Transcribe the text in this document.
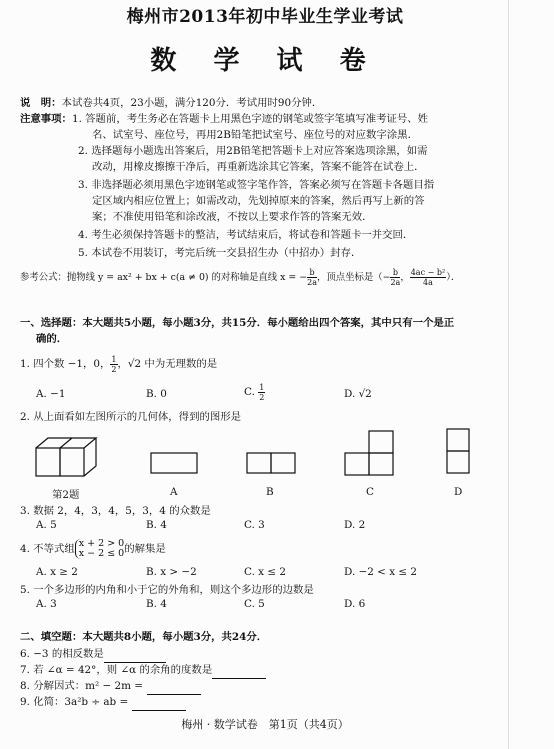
梅州市2013年初中毕业生学业考试
数 学 试 卷
说　明：本试卷共4页，23小题，满分120分．考试用时90分钟．
注意事项：1. 答题前，考生务必在答题卡上用黑色字迹的钢笔或签字笔填写准考证号、姓
名、试室号、座位号，再用2B铅笔把试室号、座位号的对应数字涂黑．
2. 选择题每小题选出答案后，用2B铅笔把答题卡上对应答案选项涂黑，如需
改动，用橡皮擦擦干净后，再重新选涂其它答案，答案不能答在试卷上．
3. 非选择题必须用黑色字迹钢笔或签字笔作答，答案必须写在答题卡各题目指
定区域内相应位置上；如需改动，先划掉原来的答案，然后再写上新的答
案；不准使用铅笔和涂改液，不按以上要求作答的答案无效．
4. 考生必须保持答题卡的整洁，考试结束后，将试卷和答题卡一并交回．
5. 本试卷不用装订，考完后统一交县招生办（中招办）封存．
参考公式：抛物线 y = ax² + bx + c(a ≠ 0) 的对称轴是直线 x = − $\frac{b}{2a}$ ，顶点坐标是（− $\frac{b}{2a}$ ， $\frac{\text{4ac − b²}}{4a}$ ）．
一、选择题：本大题共5小题，每小题3分，共15分．每小题给出四个答案，其中只有一个是正
确的．
1. 四个数 −1，0， $\frac{1}{2}$ ，√2 中为无理数的是
A. −1	B. 0	C. $\frac{1}{2}$	D. √2
2. 从上面看如左图所示的几何体，得到的图形是
第2题	A	B	C	D
3. 数据 2，4，3，4，5，3，4 的众数是
A. 5	B. 4	C. 3	D. 2
4. 不等式组 x + 2 > 0
x − 2 ≤ 0 的解集是
A. x ≥ 2	B. x > −2	C. x ≤ 2	D. −2 < x ≤ 2
5. 一个多边形的内角和小于它的外角和，则这个多边形的边数是
A. 3	B. 4	C. 5	D. 6
二、填空题：本大题共8小题，每小题3分，共24分．
6. −3 的相反数是
7. 若 ∠α = 42°，则 ∠α 的余角的度数是
8. 分解因式：m² − 2m =
9. 化简：3a²b ÷ ab =
梅州 · 数学试卷　第1页（共4页）
